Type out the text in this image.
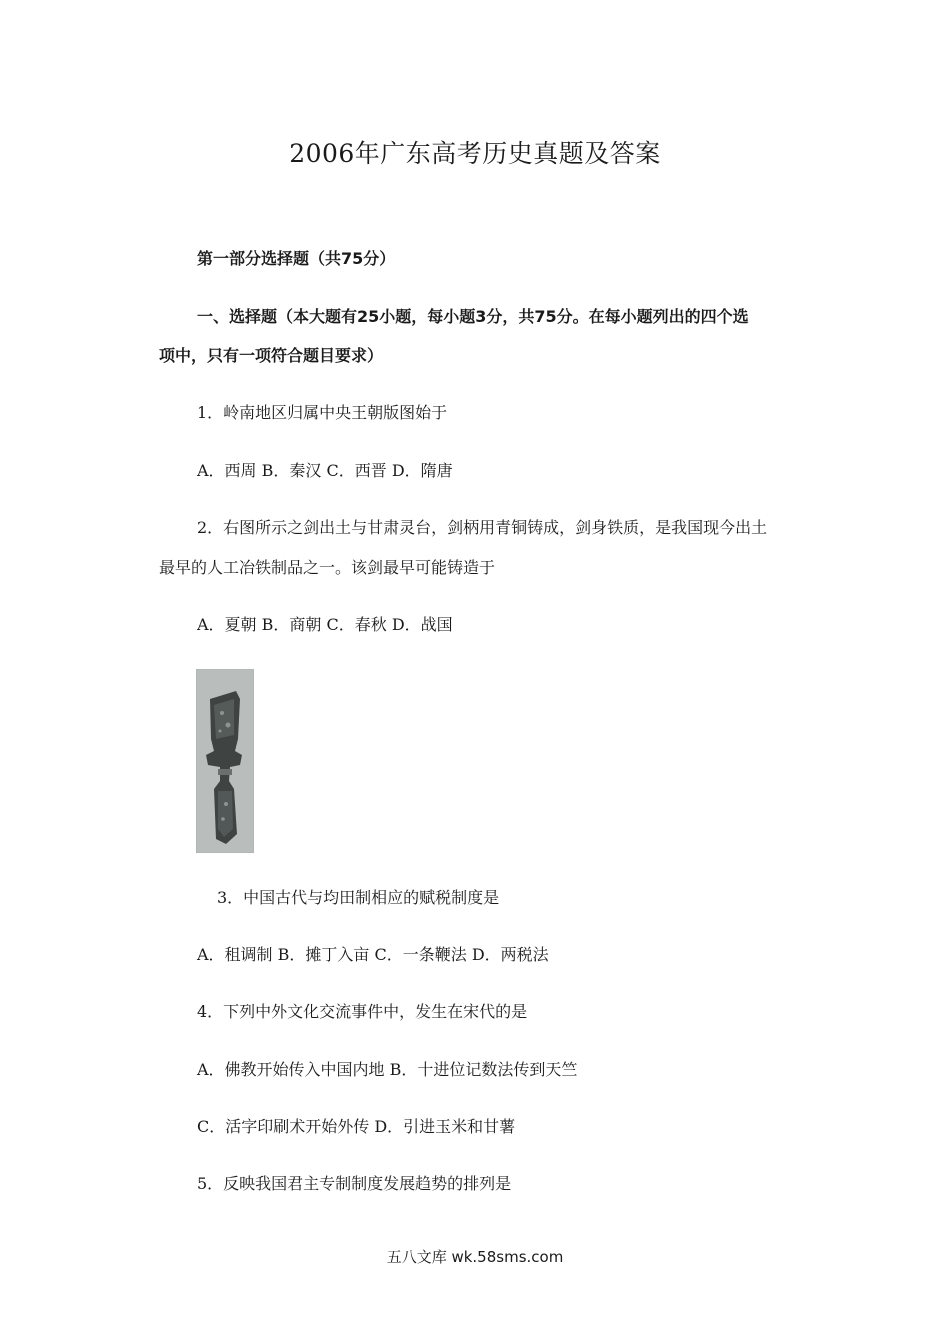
2006年广东高考历史真题及答案
第一部分选择题（共75分）
一、选择题（本大题有25小题，每小题3分，共75分。在每小题列出的四个选
项中，只有一项符合题目要求）
1．岭南地区归属中央王朝版图始于
A．西周 B．秦汉 C．西晋 D．隋唐
2．右图所示之剑出土与甘肃灵台，剑柄用青铜铸成，剑身铁质，是我国现今出土
最早的人工冶铁制品之一。该剑最早可能铸造于
A．夏朝 B．商朝 C．春秋 D．战国
3．中国古代与均田制相应的赋税制度是
A．租调制 B．摊丁入亩 C．一条鞭法 D．两税法
4．下列中外文化交流事件中，发生在宋代的是
A．佛教开始传入中国内地 B．十进位记数法传到天竺
C．活字印刷术开始外传 D．引进玉米和甘薯
5．反映我国君主专制制度发展趋势的排列是
五八文库 wk.58sms.com
